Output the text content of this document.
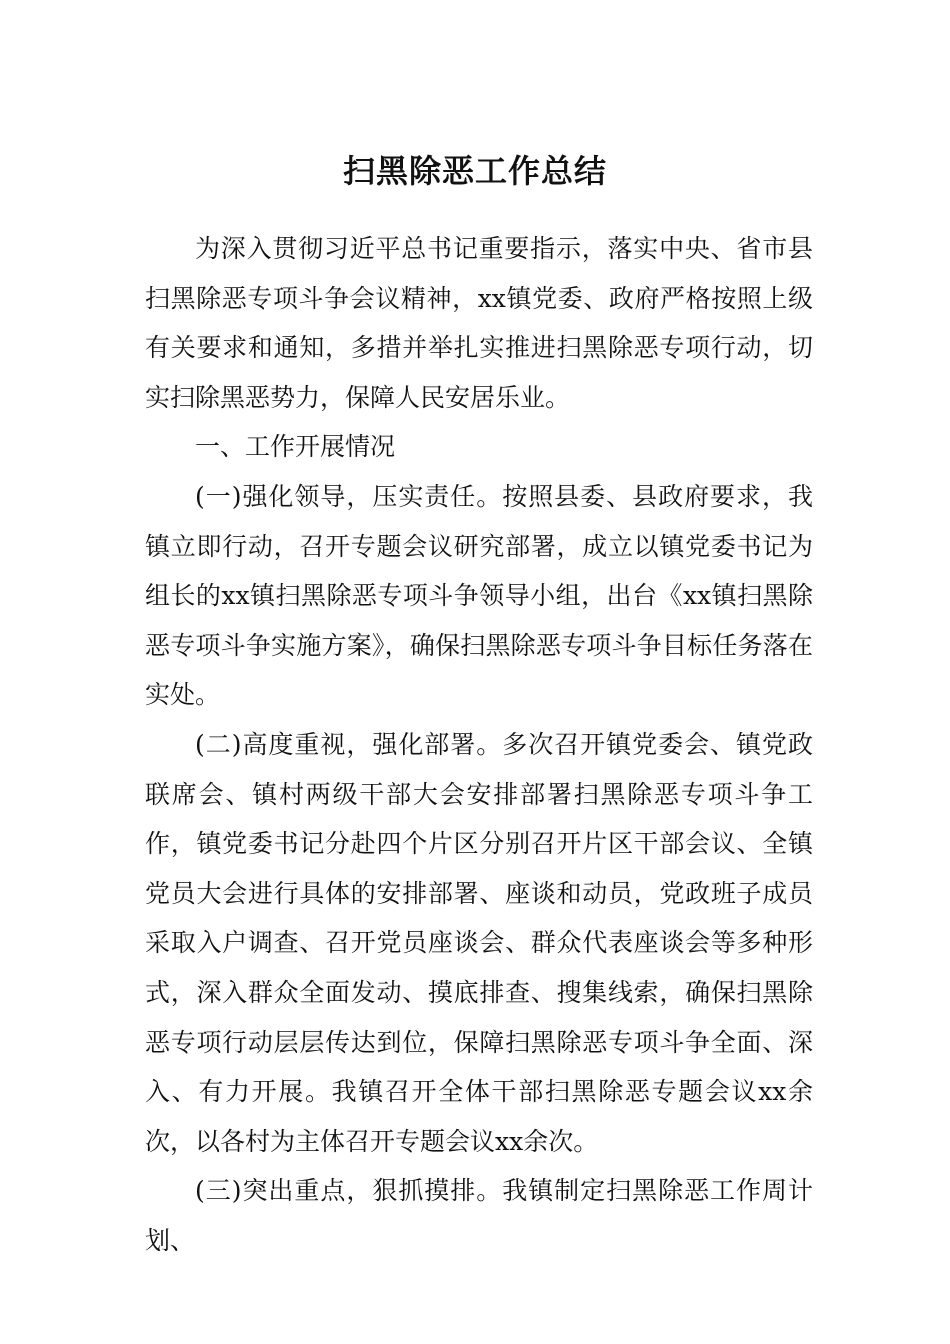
扫黑除恶工作总结

为深入贯彻习近平总书记重要指示，落实中央、省市县扫黑除恶专项斗争会议精神，xx镇党委、政府严格按照上级有关要求和通知，多措并举扎实推进扫黑除恶专项行动，切实扫除黑恶势力，保障人民安居乐业。

一、工作开展情况

(一)强化领导，压实责任。按照县委、县政府要求，我镇立即行动，召开专题会议研究部署，成立以镇党委书记为组长的xx镇扫黑除恶专项斗争领导小组，出台《xx镇扫黑除恶专项斗争实施方案》，确保扫黑除恶专项斗争目标任务落在实处。

(二)高度重视，强化部署。多次召开镇党委会、镇党政联席会、镇村两级干部大会安排部署扫黑除恶专项斗争工作，镇党委书记分赴四个片区分别召开片区干部会议、全镇党员大会进行具体的安排部署、座谈和动员，党政班子成员采取入户调查、召开党员座谈会、群众代表座谈会等多种形式，深入群众全面发动、摸底排查、搜集线索，确保扫黑除恶专项行动层层传达到位，保障扫黑除恶专项斗争全面、深入、有力开展。我镇召开全体干部扫黑除恶专题会议xx余次，以各村为主体召开专题会议xx余次。

(三)突出重点，狠抓摸排。我镇制定扫黑除恶工作周计划、
